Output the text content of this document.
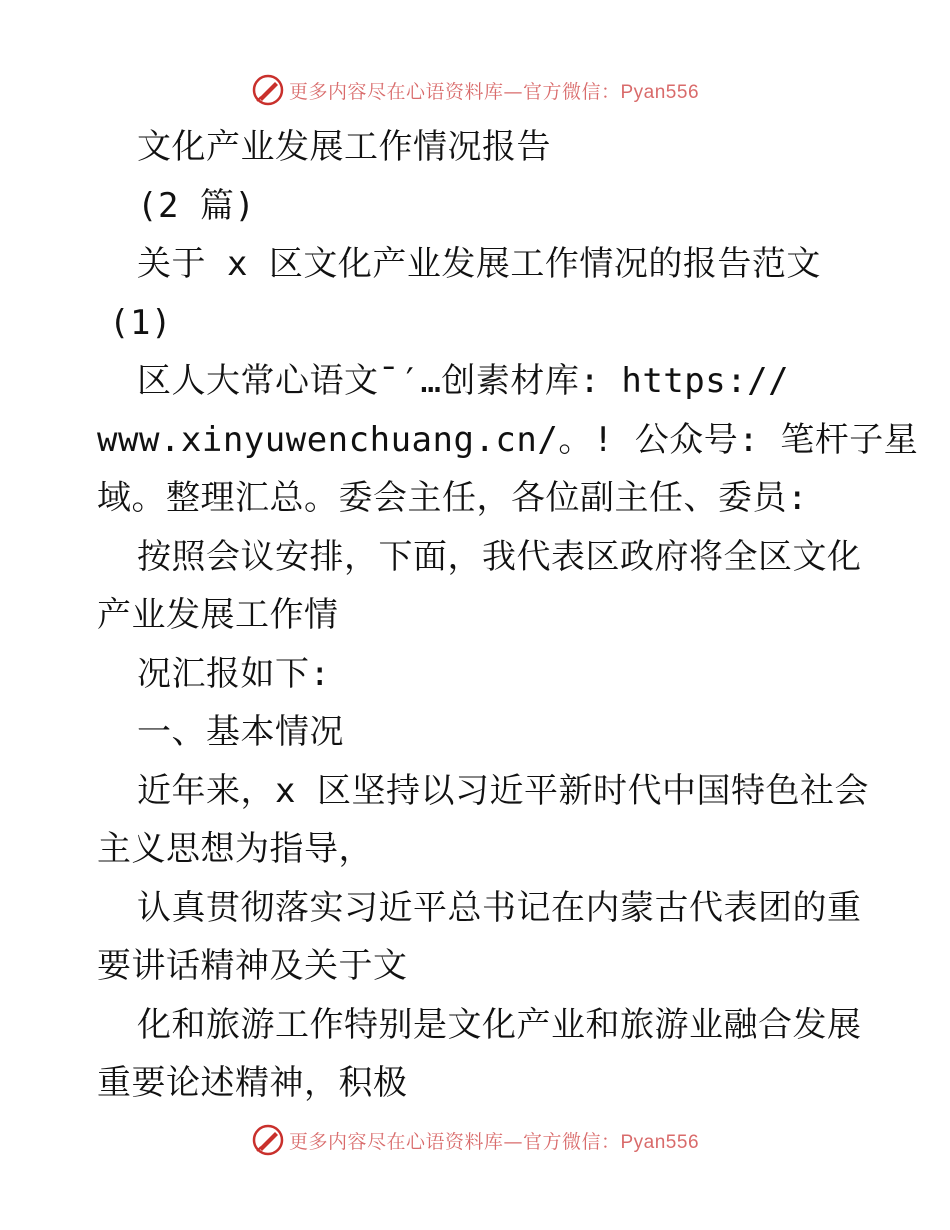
更多内容尽在心语资料库—官方微信：Pyan556
文化产业发展工作情况报告
(2 篇)
关于 x 区文化产业发展工作情况的报告范文
(1)
区人大常心语文¯′…创素材库: https://
www.xinyuwenchuang.cn/。! 公众号: 笔杆子星
域。整理汇总。委会主任，各位副主任、委员:
按照会议安排，下面，我代表区政府将全区文化
产业发展工作情
况汇报如下:
一、基本情况
近年来，x 区坚持以习近平新时代中国特色社会
主义思想为指导，
认真贯彻落实习近平总书记在内蒙古代表团的重
要讲话精神及关于文
化和旅游工作特别是文化产业和旅游业融合发展
重要论述精神，积极
更多内容尽在心语资料库—官方微信：Pyan556
